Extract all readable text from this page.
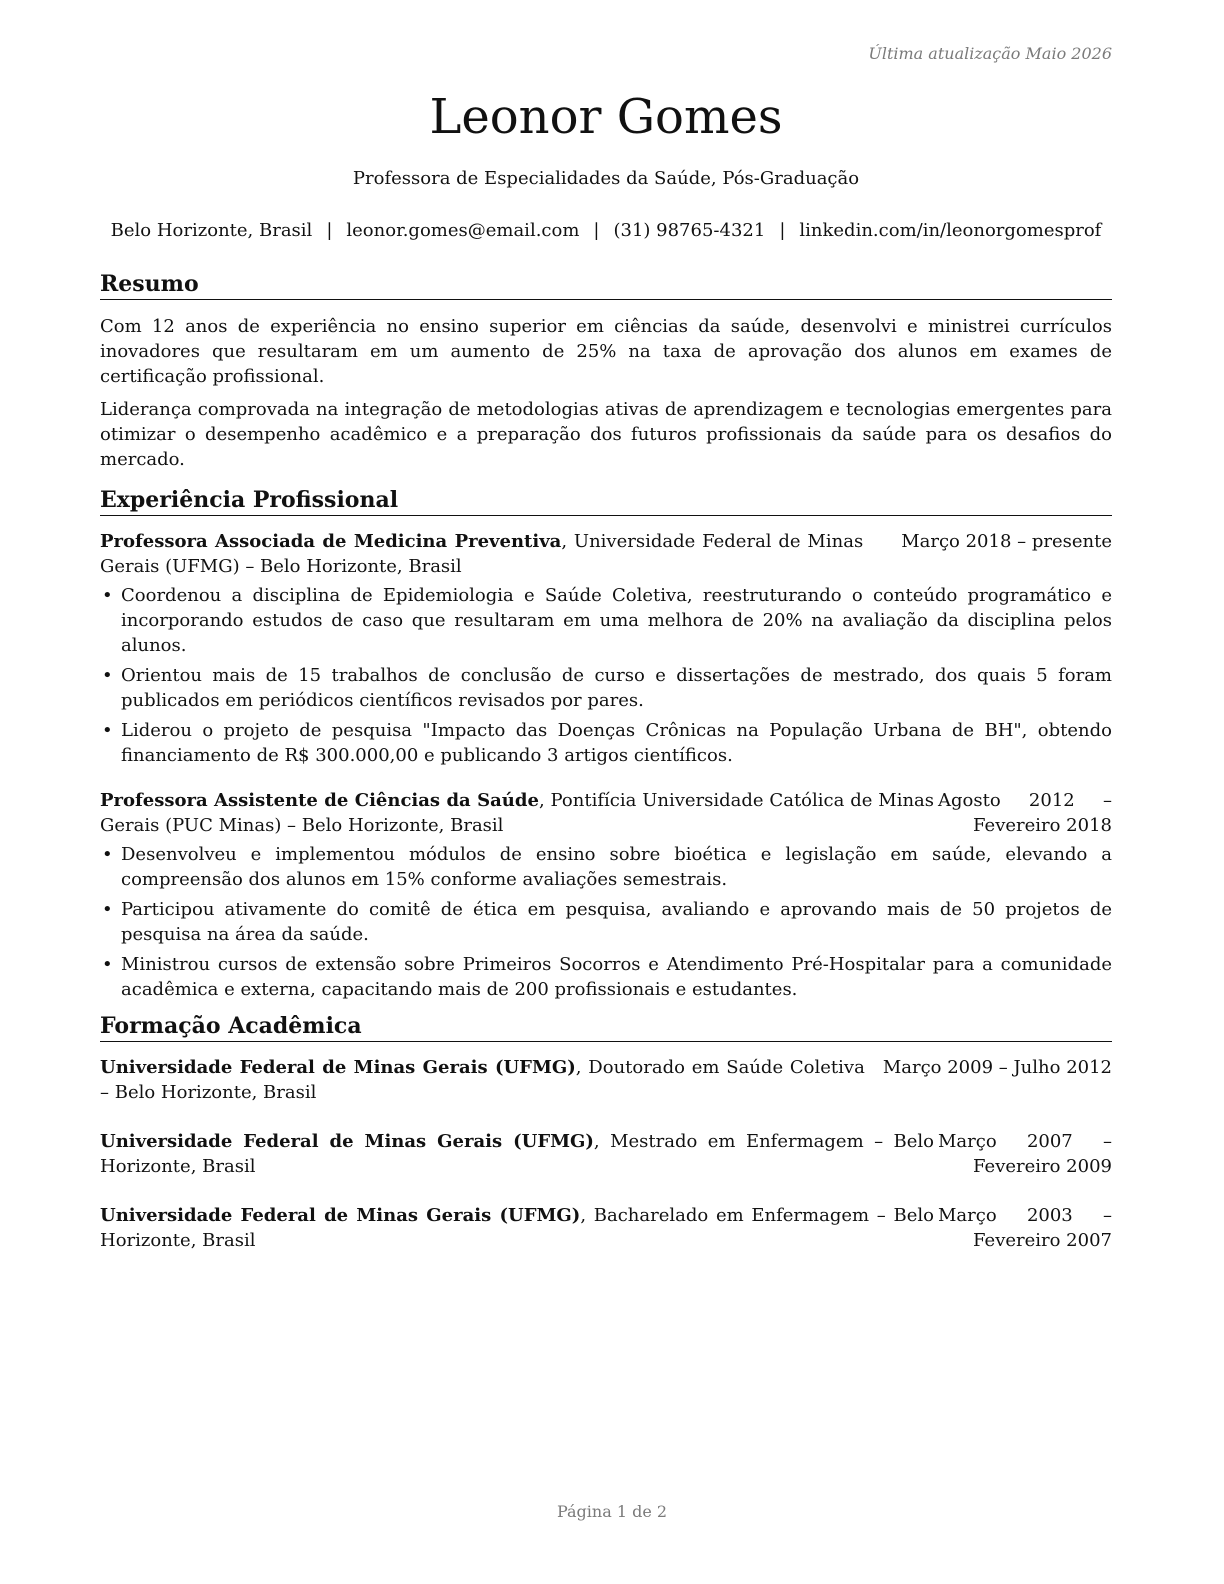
Última atualização Maio 2026
Leonor Gomes
Professora de Especialidades da Saúde, Pós-Graduação
Belo Horizonte, Brasil | leonor.gomes@email.com | (31) 98765-4321 | linkedin.com/in/leonorgomesprof
Resumo

Com 12 anos de experiência no ensino superior em ciências da saúde, desenvolvi e ministrei currículos inovadores que resultaram em um aumento de 25% na taxa de aprovação dos alunos em exames de certificação profissional.

Liderança comprovada na integração de metodologias ativas de aprendizagem e tecnologias emergentes para otimizar o desempenho acadêmico e a preparação dos futuros profissionais da saúde para os desafios do mercado.

Experiência Profissional
Professora Associada de Medicina Preventiva, Universidade Federal de Minas Gerais (UFMG) – Belo Horizonte, Brasil
Março 2018 – presente
• Coordenou a disciplina de Epidemiologia e Saúde Coletiva, reestruturando o conteúdo programático e incorporando estudos de caso que resultaram em uma melhora de 20% na avaliação da disciplina pelos alunos.
• Orientou mais de 15 trabalhos de conclusão de curso e dissertações de mestrado, dos quais 5 foram publicados em periódicos científicos revisados por pares.
• Liderou o projeto de pesquisa "Impacto das Doenças Crônicas na População Urbana de BH", obtendo financiamento de R$ 300.000,00 e publicando 3 artigos científicos.
Professora Assistente de Ciências da Saúde, Pontifícia Universidade Católica de Minas Gerais (PUC Minas) – Belo Horizonte, Brasil
Agosto 2012 – Fevereiro 2018
• Desenvolveu e implementou módulos de ensino sobre bioética e legislação em saúde, elevando a compreensão dos alunos em 15% conforme avaliações semestrais.
• Participou ativamente do comitê de ética em pesquisa, avaliando e aprovando mais de 50 projetos de pesquisa na área da saúde.
• Ministrou cursos de extensão sobre Primeiros Socorros e Atendimento Pré-Hospitalar para a comunidade acadêmica e externa, capacitando mais de 200 profissionais e estudantes.
Formação Acadêmica
Universidade Federal de Minas Gerais (UFMG), Doutorado em Saúde Coletiva – Belo Horizonte, Brasil
Março 2009 – Julho 2012
Universidade Federal de Minas Gerais (UFMG), Mestrado em Enfermagem – Belo Horizonte, Brasil
Março 2007 – Fevereiro 2009
Universidade Federal de Minas Gerais (UFMG), Bacharelado em Enfermagem – Belo Horizonte, Brasil
Março 2003 – Fevereiro 2007
Página 1 de 2
